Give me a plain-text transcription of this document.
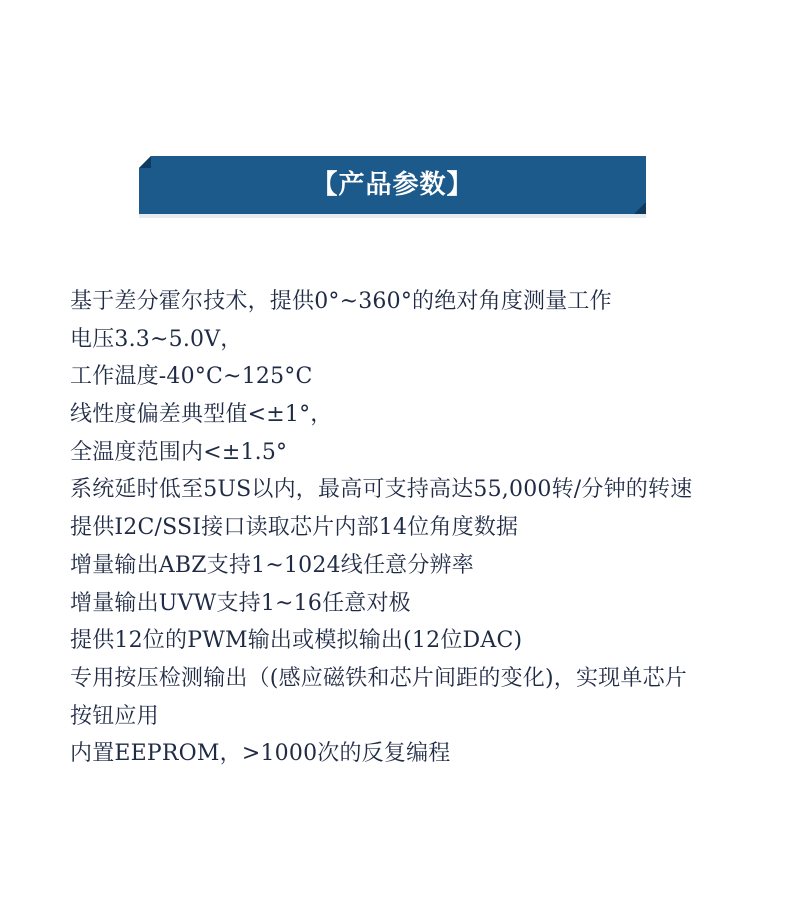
【产品参数】
基于差分霍尔技术，提供0°~360°的绝对角度测量工作
电压3.3~5.0V，
工作温度-40°C~125°C
线性度偏差典型值<±1°，
全温度范围内<±1.5°
系统延时低至5US以内，最高可支持高达55,000转/分钟的转速
提供I2C/SSI接口读取芯片内部14位角度数据
增量输出ABZ支持1~1024线任意分辨率
增量输出UVW支持1~16任意对极
提供12位的PWM输出或模拟输出(12位DAC)
专用按压检测输出（(感应磁铁和芯片间距的变化)，实现单芯片
按钮应用
内置EEPROM，>1000次的反复编程
